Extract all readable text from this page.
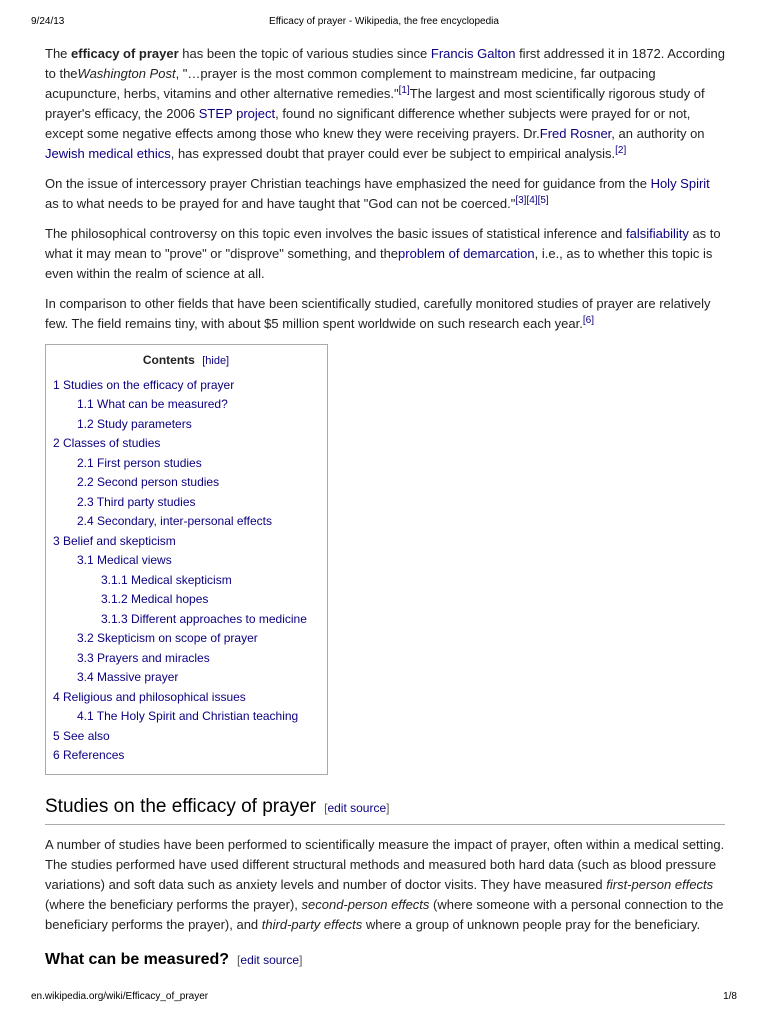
9/24/13	Efficacy of prayer - Wikipedia, the free encyclopedia

The efficacy of prayer has been the topic of various studies since Francis Galton first addressed it in 1872. According to theWashington Post, "…prayer is the most common complement to mainstream medicine, far outpacing acupuncture, herbs, vitamins and other alternative remedies."[1]The largest and most scientifically rigorous study of prayer's efficacy, the 2006 STEP project, found no significant difference whether subjects were prayed for or not, except some negative effects among those who knew they were receiving prayers. Dr.Fred Rosner, an authority on Jewish medical ethics, has expressed doubt that prayer could ever be subject to empirical analysis.[2]

On the issue of intercessory prayer Christian teachings have emphasized the need for guidance from the Holy Spirit as to what needs to be prayed for and have taught that "God can not be coerced."[3][4][5]

The philosophical controversy on this topic even involves the basic issues of statistical inference and falsifiability as to what it may mean to "prove" or "disprove" something, and theproblem of demarcation, i.e., as to whether this topic is even within the realm of science at all.

In comparison to other fields that have been scientifically studied, carefully monitored studies of prayer are relatively few. The field remains tiny, with about $5 million spent worldwide on such research each year.[6]

Contents [hide]
1 Studies on the efficacy of prayer
1.1 What can be measured?
1.2 Study parameters
2 Classes of studies
2.1 First person studies
2.2 Second person studies
2.3 Third party studies
2.4 Secondary, inter-personal effects
3 Belief and skepticism
3.1 Medical views
3.1.1 Medical skepticism
3.1.2 Medical hopes
3.1.3 Different approaches to medicine
3.2 Skepticism on scope of prayer
3.3 Prayers and miracles
3.4 Massive prayer
4 Religious and philosophical issues
4.1 The Holy Spirit and Christian teaching
5 See also
6 References
Studies on the efficacy of prayer [edit source]

A number of studies have been performed to scientifically measure the impact of prayer, often within a medical setting. The studies performed have used different structural methods and measured both hard data (such as blood pressure variations) and soft data such as anxiety levels and number of doctor visits. They have measured first-person effects (where the beneficiary performs the prayer), second-person effects (where someone with a personal connection to the beneficiary performs the prayer), and third-party effects where a group of unknown people pray for the beneficiary.

What can be measured? [edit source]
en.wikipedia.org/wiki/Efficacy_of_prayer	1/8
